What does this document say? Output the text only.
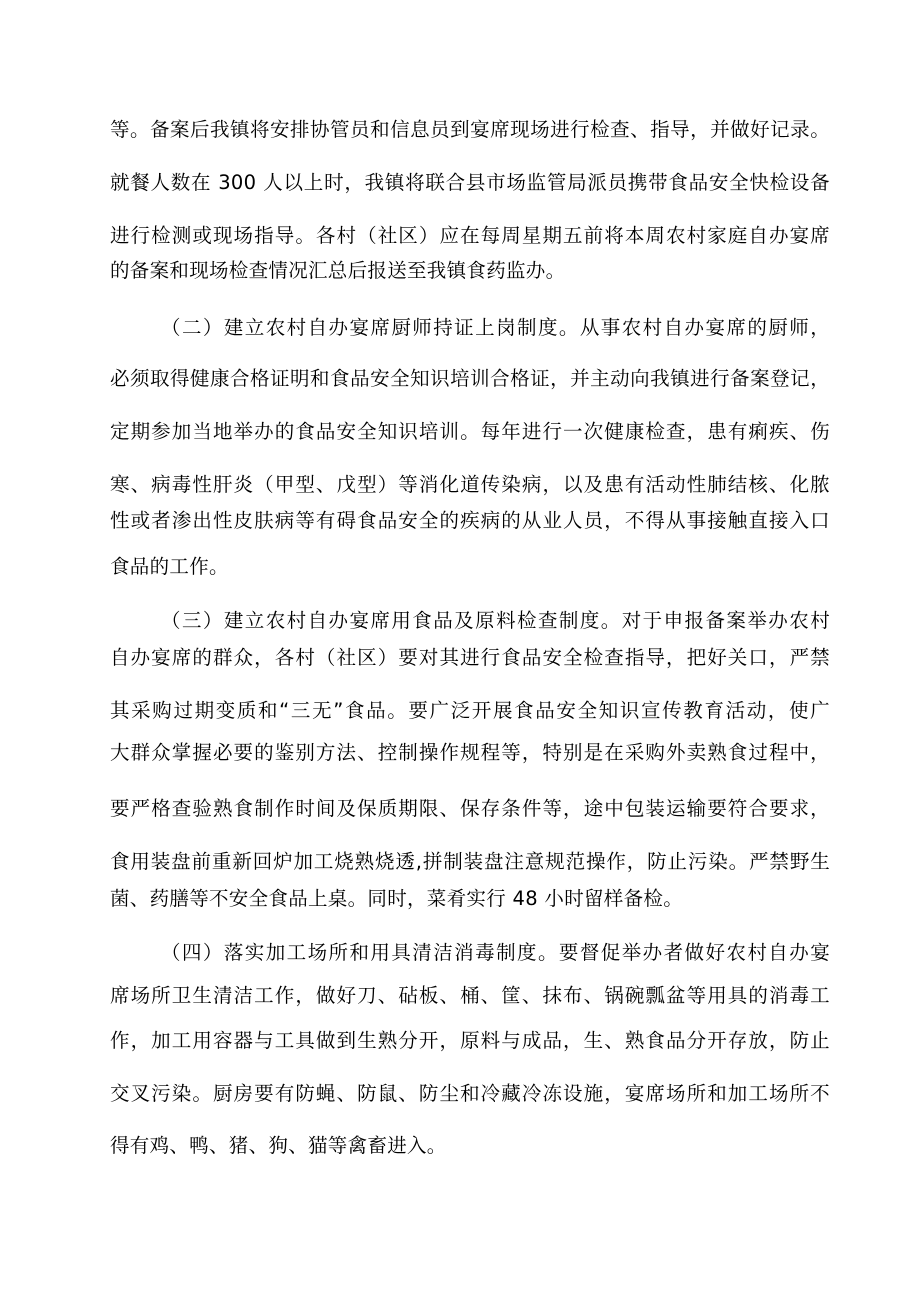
等。备案后我镇将安排协管员和信息员到宴席现场进行检查、指导，并做好记录。
就餐人数在 300 人以上时，我镇将联合县市场监管局派员携带食品安全快检设备
进行检测或现场指导。各村（社区）应在每周星期五前将本周农村家庭自办宴席
的备案和现场检查情况汇总后报送至我镇食药监办。
（二）建立农村自办宴席厨师持证上岗制度。从事农村自办宴席的厨师，
必须取得健康合格证明和食品安全知识培训合格证，并主动向我镇进行备案登记，
定期参加当地举办的食品安全知识培训。每年进行一次健康检查，患有痢疾、伤
寒、病毒性肝炎（甲型、戊型）等消化道传染病，以及患有活动性肺结核、化脓
性或者渗出性皮肤病等有碍食品安全的疾病的从业人员，不得从事接触直接入口
食品的工作。
（三）建立农村自办宴席用食品及原料检查制度。对于申报备案举办农村
自办宴席的群众，各村（社区）要对其进行食品安全检查指导，把好关口，严禁
其采购过期变质和“三无”食品。要广泛开展食品安全知识宣传教育活动，使广
大群众掌握必要的鉴别方法、控制操作规程等，特别是在采购外卖熟食过程中，
要严格查验熟食制作时间及保质期限、保存条件等，途中包装运输要符合要求，
食用装盘前重新回炉加工烧熟烧透,拼制装盘注意规范操作，防止污染。严禁野生
菌、药膳等不安全食品上桌。同时，菜肴实行 48 小时留样备检。
（四）落实加工场所和用具清洁消毒制度。要督促举办者做好农村自办宴
席场所卫生清洁工作，做好刀、砧板、桶、筐、抹布、锅碗瓢盆等用具的消毒工
作，加工用容器与工具做到生熟分开，原料与成品，生、熟食品分开存放，防止
交叉污染。厨房要有防蝇、防鼠、防尘和冷藏冷冻设施，宴席场所和加工场所不
得有鸡、鸭、猪、狗、猫等禽畜进入。
